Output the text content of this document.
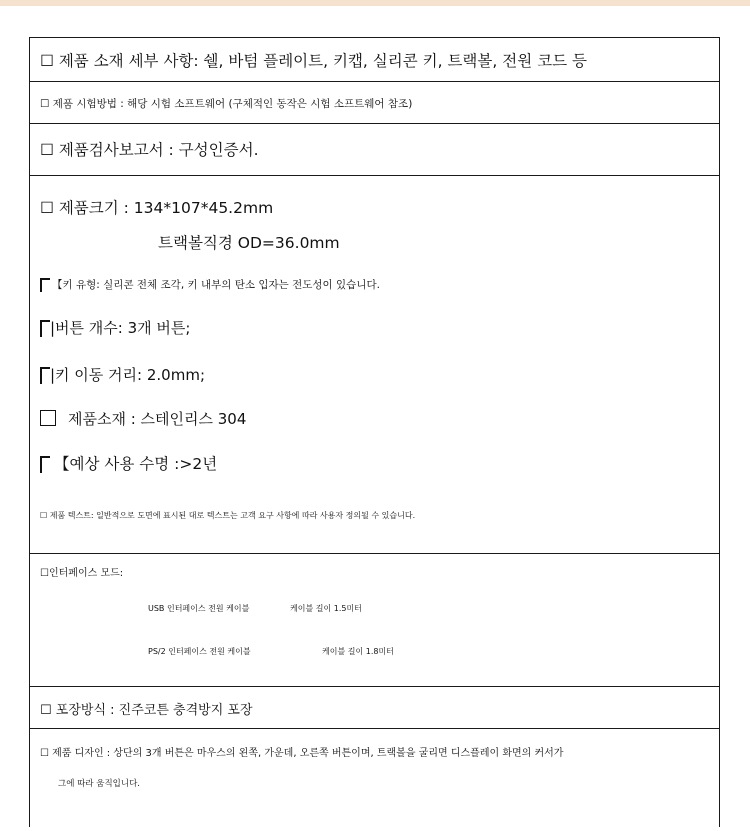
☐ 제품 소재 세부 사항: 쉘, 바텀 플레이트, 키캡, 실리콘 키, 트랙볼, 전원 코드 등
☐ 제품 시험방법 : 해당 시험 소프트웨어 (구체적인 동작은 시험 소프트웨어 참조)
☐ 제품검사보고서 : 구성인증서.
☐ 제품크기 : 134*107*45.2mm
트랙볼직경 OD=36.0mm
【키 유형: 실리콘 전체 조각, 키 내부의 탄소 입자는 전도성이 있습니다.
|버튼 개수: 3개 버튼;
|키 이동 거리: 2.0mm;
제품소재 : 스테인리스 304
【예상 사용 수명 :>2년
☐ 제품 텍스트: 일반적으로 도면에 표시된 대로 텍스트는 고객 요구 사항에 따라 사용자 정의될 수 있습니다.
☐인터페이스 모드:
USB 인터페이스 전원 케이블	케이블 길이 1.5미터
PS/2 인터페이스 전원 케이블	케이블 길이 1.8미터
☐ 포장방식 : 진주코튼 충격방지 포장
☐ 제품 디자인 : 상단의 3개 버튼은 마우스의 왼쪽, 가운데, 오른쪽 버튼이며, 트랙볼을 굴리면 디스플레이 화면의 커서가
그에 따라 움직입니다.
